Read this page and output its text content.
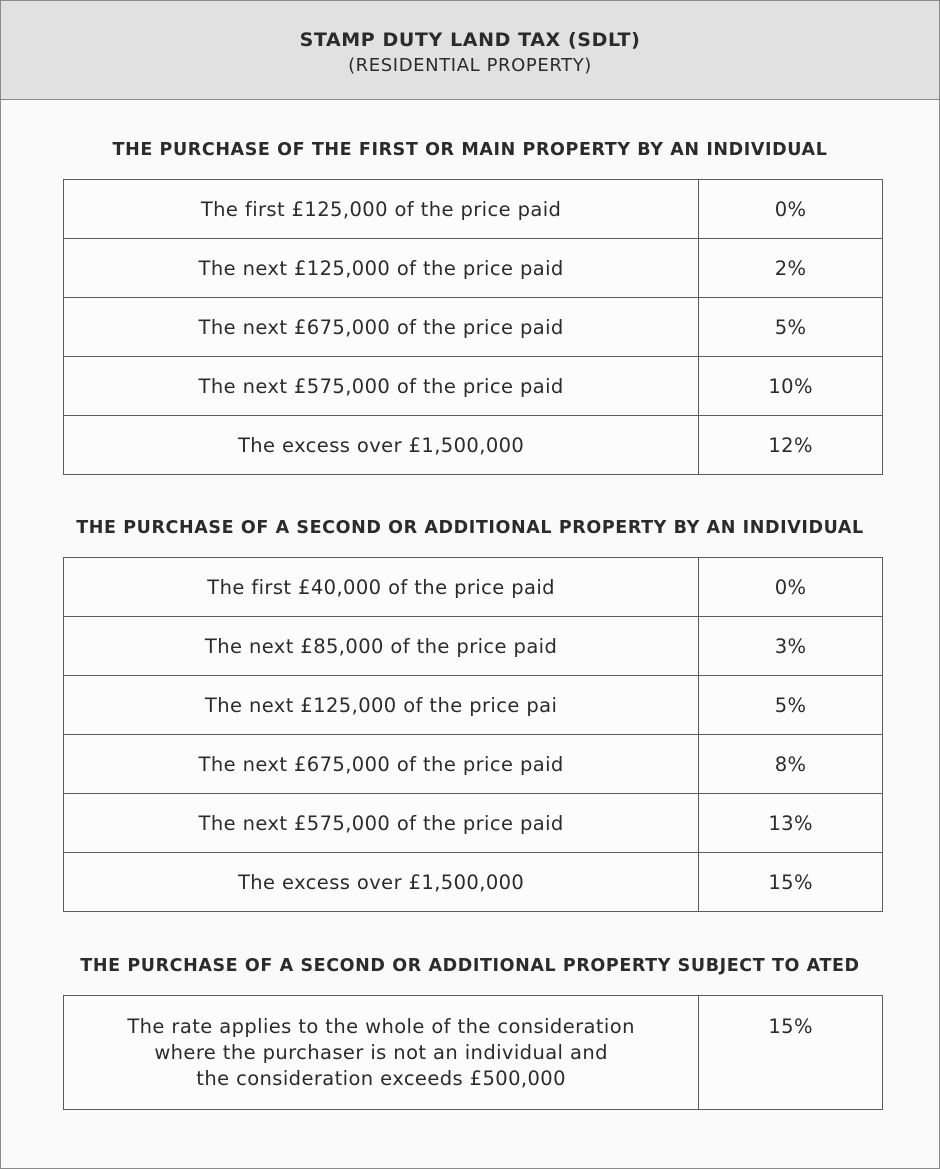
STAMP DUTY LAND TAX (SDLT)
(RESIDENTIAL PROPERTY)
THE PURCHASE OF THE FIRST OR MAIN PROPERTY BY AN INDIVIDUAL
The first £125,000 of the price paid	0%
The next £125,000 of the price paid	2%
The next £675,000 of the price paid	5%
The next £575,000 of the price paid	10%
The excess over £1,500,000	12%
THE PURCHASE OF A SECOND OR ADDITIONAL PROPERTY BY AN INDIVIDUAL
The first £40,000 of the price paid	0%
The next £85,000 of the price paid	3%
The next £125,000 of the price pai	5%
The next £675,000 of the price paid	8%
The next £575,000 of the price paid	13%
The excess over £1,500,000	15%
THE PURCHASE OF A SECOND OR ADDITIONAL PROPERTY SUBJECT TO ATED
The rate applies to the whole of the consideration
where the purchaser is not an individual and
the consideration exceeds £500,000
	15%
